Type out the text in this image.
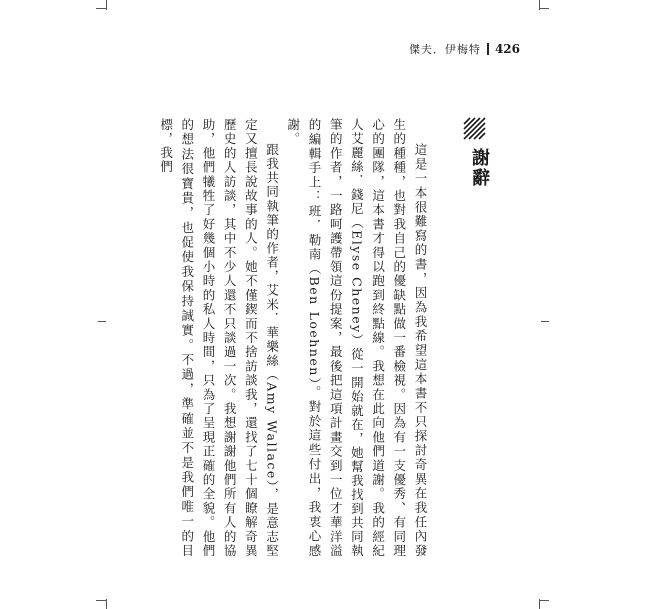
傑夫．伊梅特 426
謝辭

這是一本很難寫的書，因為我希望這本書不只探討奇異在我任內發生的種種，也對我自己的優缺點做一番檢視。因為有一支優秀、有同理心的團隊，這本書才得以跑到終點線。我想在此向他們道謝。我的經紀人艾麗絲．錢尼（Elyse Cheney）從一開始就在，她幫我找到共同執筆的作者，一路呵護帶領這份提案，最後把這項計畫交到一位才華洋溢的編輯手上：班．勒南（Ben Loehnen）。對於這些付出，我衷心感謝。

跟我共同執筆的作者，艾米．華樂絲（Amy Wallace），是意志堅定又擅長說故事的人。她不僅鍥而不捨訪談我，還找了七十個瞭解奇異歷史的人訪談，其中不少人還不只談過一次。我想謝謝他們所有人的協助，他們犧牲了好幾個小時的私人時間，只為了呈現正確的全貌。他們的想法很寶貴，也促使我保持誠實。不過，準確並不是我們唯一的目標，我們
